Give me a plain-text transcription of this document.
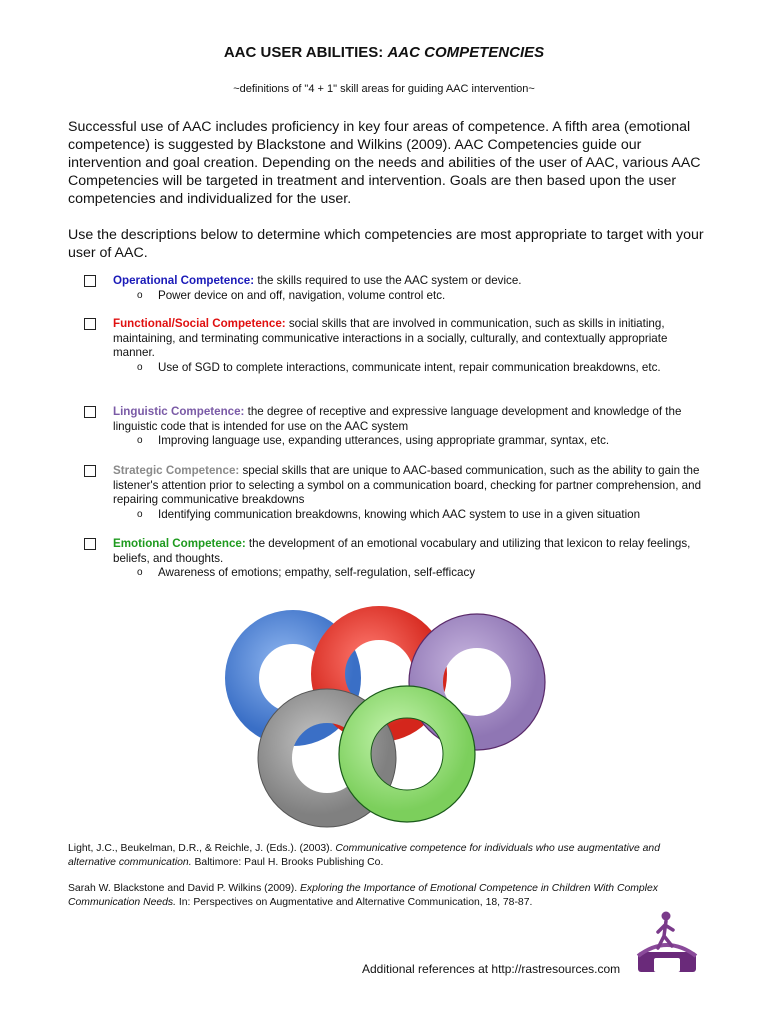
AAC USER ABILITIES: AAC COMPETENCIES
~definitions of "4 + 1" skill areas for guiding AAC intervention~

Successful use of AAC includes proficiency in key four areas of competence. A fifth area (emotional competence) is suggested by Blackstone and Wilkins (2009). AAC Competencies guide our intervention and goal creation. Depending on the needs and abilities of the user of AAC, various AAC Competencies will be targeted in treatment and intervention. Goals are then based upon the user competencies and individualized for the user.

Use the descriptions below to determine which competencies are most appropriate to target with your user of AAC.

Operational Competence: the skills required to use the AAC system or device.
o Power device on and off, navigation, volume control etc.
Functional/Social Competence: social skills that are involved in communication, such as skills in initiating, maintaining, and terminating communicative interactions in a socially, culturally, and contextually appropriate manner.
o Use of SGD to complete interactions, communicate intent, repair communication breakdowns, etc.
Linguistic Competence: the degree of receptive and expressive language development and knowledge of the linguistic code that is intended for use on the AAC system
o Improving language use, expanding utterances, using appropriate grammar, syntax, etc.
Strategic Competence: special skills that are unique to AAC-based communication, such as the ability to gain the listener's attention prior to selecting a symbol on a communication board, checking for partner comprehension, and repairing communicative breakdowns
o Identifying communication breakdowns, knowing which AAC system to use in a given situation
Emotional Competence: the development of an emotional vocabulary and utilizing that lexicon to relay feelings, beliefs, and thoughts.
o Awareness of emotions; empathy, self-regulation, self-efficacy
Light, J.C., Beukelman, D.R., & Reichle, J. (Eds.). (2003). Communicative competence for individuals who use augmentative and alternative communication. Baltimore: Paul H. Brooks Publishing Co.
Sarah W. Blackstone and David P. Wilkins (2009). Exploring the Importance of Emotional Competence in Children With Complex Communication Needs. In: Perspectives on Augmentative and Alternative Communication, 18, 78-87.
Additional references at http://rastresources.com
